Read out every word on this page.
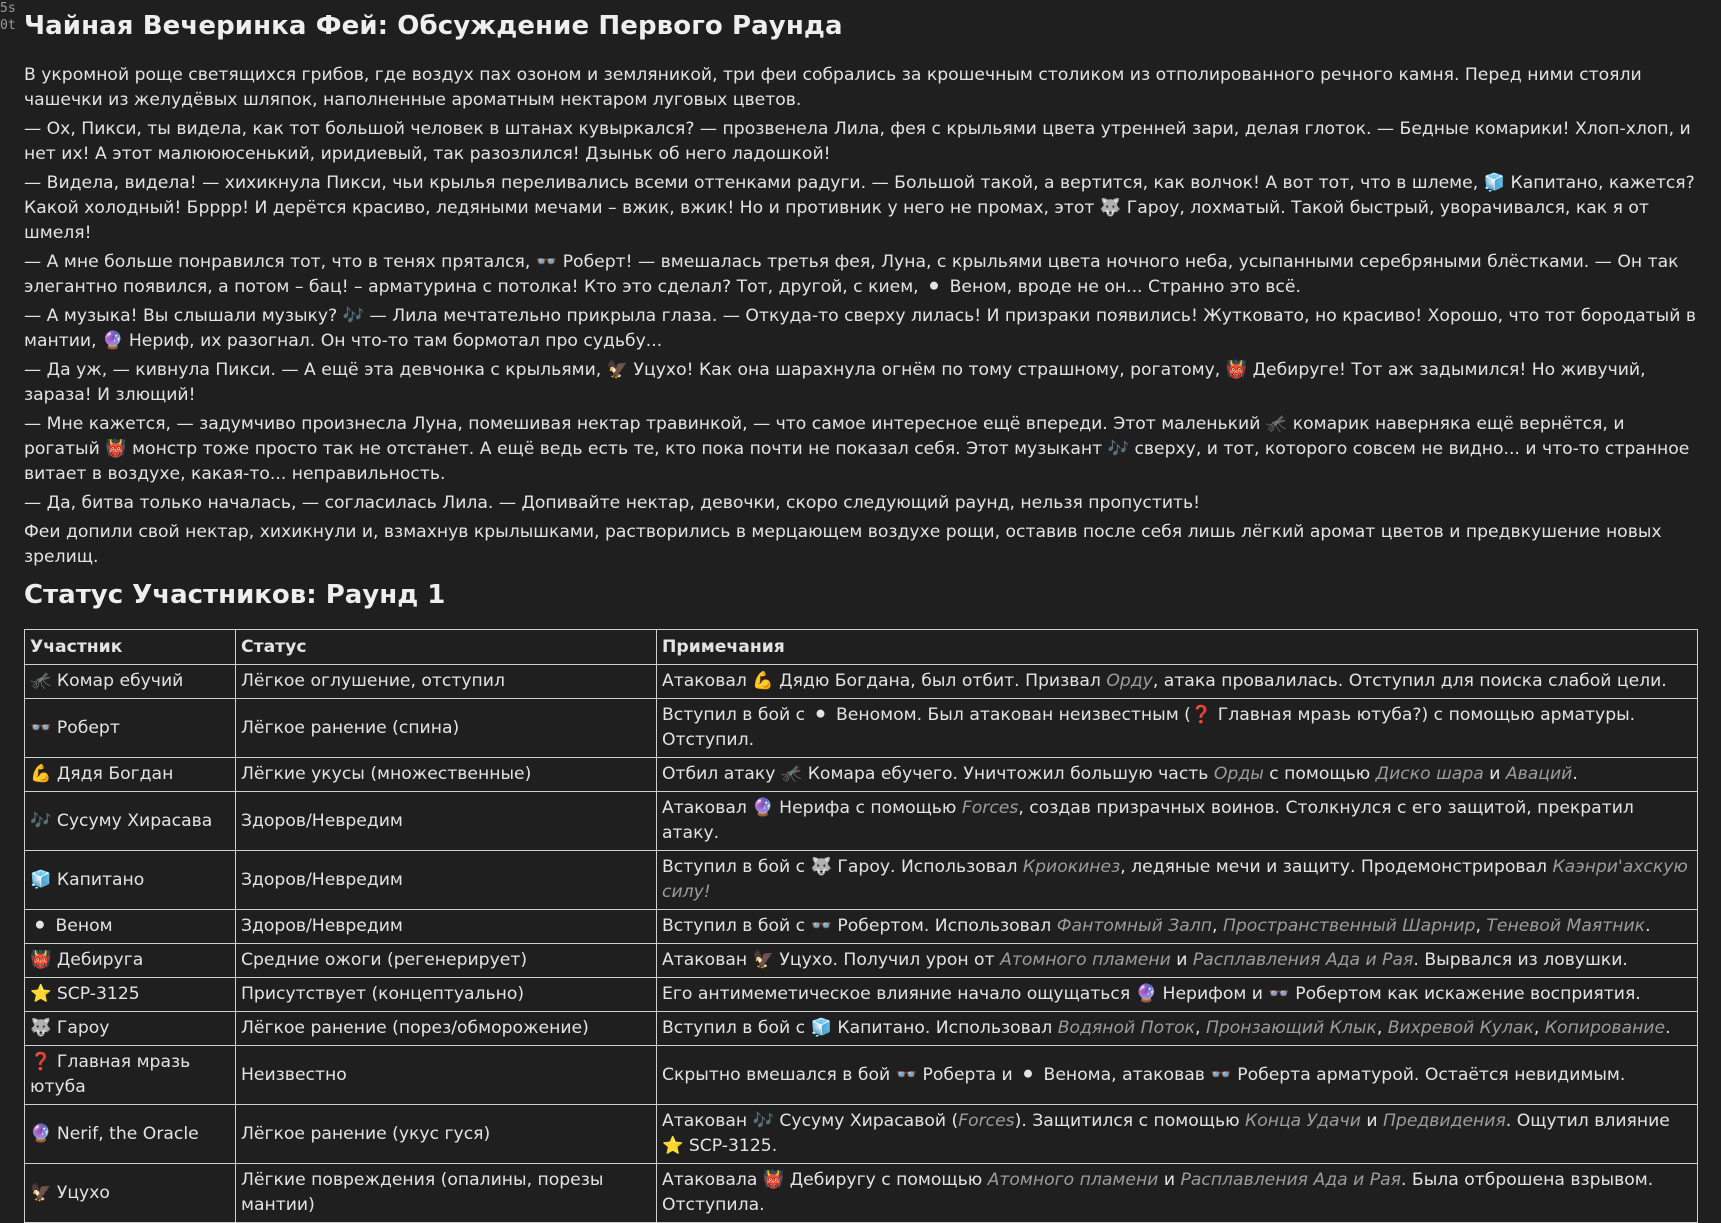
5s
0t Чайная Вечеринка Фей: Обсуждение Первого Раунда

В укромной роще светящихся грибов, где воздух пах озоном и земляникой, три феи собрались за крошечным столиком из отполированного речного камня. Перед ними стояли чашечки из желудёвых шляпок, наполненные ароматным нектаром луговых цветов.

— Ох, Пикси, ты видела, как тот большой человек в штанах кувыркался? — прозвенела Лила, фея с крыльями цвета утренней зари, делая глоток. — Бедные комарики! Хлоп-хлоп, и нет их! А этот малюююсенький, иридиевый, так разозлился! Дзыньк об него ладошкой!

— Видела, видела! — хихикнула Пикси, чьи крылья переливались всеми оттенками радуги. — Большой такой, а вертится, как волчок! А вот тот, что в шлеме, 🧊 Капитано, кажется? Какой холодный! Брррр! И дерётся красиво, ледяными мечами – вжик, вжик! Но и противник у него не промах, этот 🐺 Гароу, лохматый. Такой быстрый, уворачивался, как я от шмеля!

— А мне больше понравился тот, что в тенях прятался, 👓 Роберт! — вмешалась третья фея, Луна, с крыльями цвета ночного неба, усыпанными серебряными блёстками. — Он так элегантно появился, а потом – бац! – арматурина с потолка! Кто это сделал? Тот, другой, с кием, ⚫ Веном, вроде не он... Странно это всё.

— А музыка! Вы слышали музыку? 🎶 — Лила мечтательно прикрыла глаза. — Откуда-то сверху лилась! И призраки появились! Жутковато, но красиво! Хорошо, что тот бородатый в мантии, 🔮 Нериф, их разогнал. Он что-то там бормотал про судьбу...

— Да уж, — кивнула Пикси. — А ещё эта девчонка с крыльями, 🦅 Уцухо! Как она шарахнула огнём по тому страшному, рогатому, 👹 Дебируге! Тот аж задымился! Но живучий, зараза! И злющий!

— Мне кажется, — задумчиво произнесла Луна, помешивая нектар травинкой, — что самое интересное ещё впереди. Этот маленький 🦟 комарик наверняка ещё вернётся, и рогатый 👹 монстр тоже просто так не отстанет. А ещё ведь есть те, кто пока почти не показал себя. Этот музыкант 🎶 сверху, и тот, которого совсем не видно... и что-то странное витает в воздухе, какая-то... неправильность.

— Да, битва только началась, — согласилась Лила. — Допивайте нектар, девочки, скоро следующий раунд, нельзя пропустить!

Феи допили свой нектар, хихикнули и, взмахнув крылышками, растворились в мерцающем воздухе рощи, оставив после себя лишь лёгкий аромат цветов и предвкушение новых зрелищ.

Статус Участников: Раунд 1
Участник	Статус	Примечания
🦟 Комар ебучий	Лёгкое оглушение, отступил	Атаковал 💪 Дядю Богдана, был отбит. Призвал Орду, атака провалилась. Отступил для поиска слабой цели.
👓 Роберт	Лёгкое ранение (спина)	Вступил в бой с ⚫ Веномом. Был атакован неизвестным (❓ Главная мразь ютуба?) с помощью арматуры. Отступил.
💪 Дядя Богдан	Лёгкие укусы (множественные)	Отбил атаку 🦟 Комара ебучего. Уничтожил большую часть Орды с помощью Диско шара и Аваций.
🎶 Сусуму Хирасава	Здоров/Невредим	Атаковал 🔮 Нерифа с помощью Forces, создав призрачных воинов. Столкнулся с его защитой, прекратил атаку.
🧊 Капитано	Здоров/Невредим	Вступил в бой с 🐺 Гароу. Использовал Криокинез, ледяные мечи и защиту. Продемонстрировал Каэнри'ахскую силу!
⚫ Веном	Здоров/Невредим	Вступил в бой с 👓 Робертом. Использовал Фантомный Залп, Пространственный Шарнир, Теневой Маятник.
👹 Дебируга	Средние ожоги (регенерирует)	Атакован 🦅 Уцухо. Получил урон от Атомного пламени и Расплавления Ада и Рая. Вырвался из ловушки.
⭐ SCP-3125	Присутствует (концептуально)	Его антимеметическое влияние начало ощущаться 🔮 Нерифом и 👓 Робертом как искажение восприятия.
🐺 Гароу	Лёгкое ранение (порез/обморожение)	Вступил в бой с 🧊 Капитано. Использовал Водяной Поток, Пронзающий Клык, Вихревой Кулак, Копирование.
❓ Главная мразь ютуба	Неизвестно	Скрытно вмешался в бой 👓 Роберта и ⚫ Венома, атаковав 👓 Роберта арматурой. Остаётся невидимым.
🔮 Nerif, the Oracle	Лёгкое ранение (укус гуся)	Атакован 🎶 Сусуму Хирасавой (Forces). Защитился с помощью Конца Удачи и Предвидения. Ощутил влияние ⭐ SCP-3125.
🦅 Уцухо	Лёгкие повреждения (опалины, порезы мантии)	Атаковала 👹 Дебиругу с помощью Атомного пламени и Расплавления Ада и Рая. Была отброшена взрывом. Отступила.
